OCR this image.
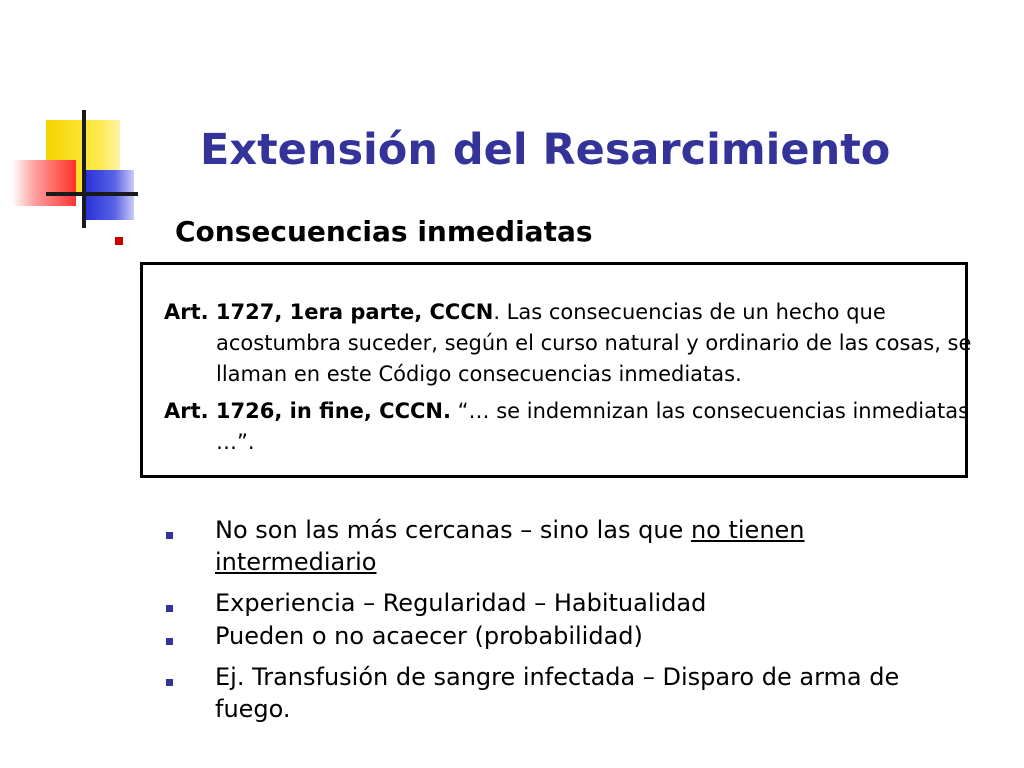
Extensión del Resarcimiento
Consecuencias inmediatas
Art. 1727, 1era parte, CCCN. Las consecuencias de un hecho que acostumbra suceder, según el curso natural y ordinario de las cosas, se llaman en este Código consecuencias inmediatas.
Art. 1726, in fine, CCCN. “… se indemnizan las consecuencias inmediatas …”.
No son las más cercanas – sino las que no tienen intermediario
Experiencia – Regularidad – Habitualidad
Pueden o no acaecer (probabilidad)
Ej. Transfusión de sangre infectada – Disparo de arma de fuego.
